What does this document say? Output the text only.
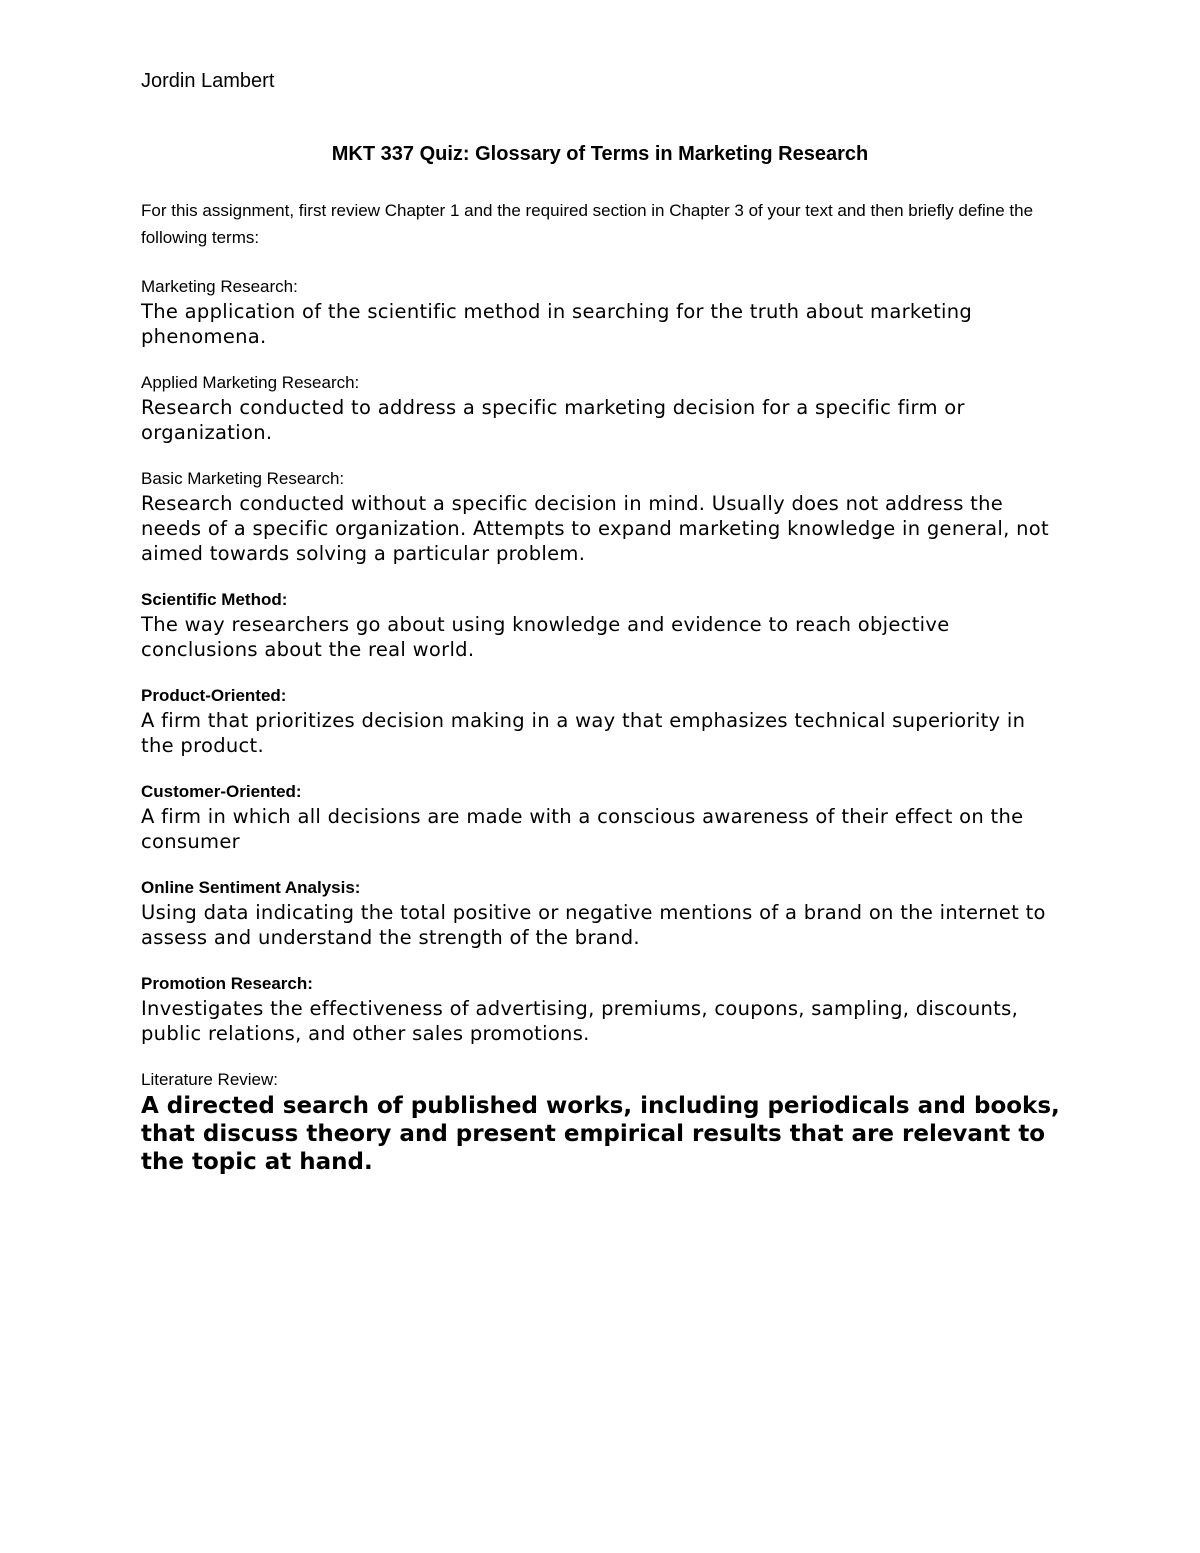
Jordin Lambert
MKT 337 Quiz: Glossary of Terms in Marketing Research
For this assignment, first review Chapter 1 and the required section in Chapter 3 of your text and then briefly define the following terms:
Marketing Research:
The application of the scientific method in searching for the truth about marketing phenomena.
Applied Marketing Research:
Research conducted to address a specific marketing decision for a specific firm or organization.
Basic Marketing Research:
Research conducted without a specific decision in mind. Usually does not address the needs of a specific organization. Attempts to expand marketing knowledge in general, not aimed towards solving a particular problem.
Scientific Method:
The way researchers go about using knowledge and evidence to reach objective conclusions about the real world.
Product-Oriented:
A firm that prioritizes decision making in a way that emphasizes technical superiority in the product.
Customer-Oriented:
A firm in which all decisions are made with a conscious awareness of their effect on the consumer
Online Sentiment Analysis:
Using data indicating the total positive or negative mentions of a brand on the internet to assess and understand the strength of the brand.
Promotion Research:
Investigates the effectiveness of advertising, premiums, coupons, sampling, discounts, public relations, and other sales promotions.
Literature Review:
A directed search of published works, including periodicals and books, that discuss theory and present empirical results that are relevant to the topic at hand.
